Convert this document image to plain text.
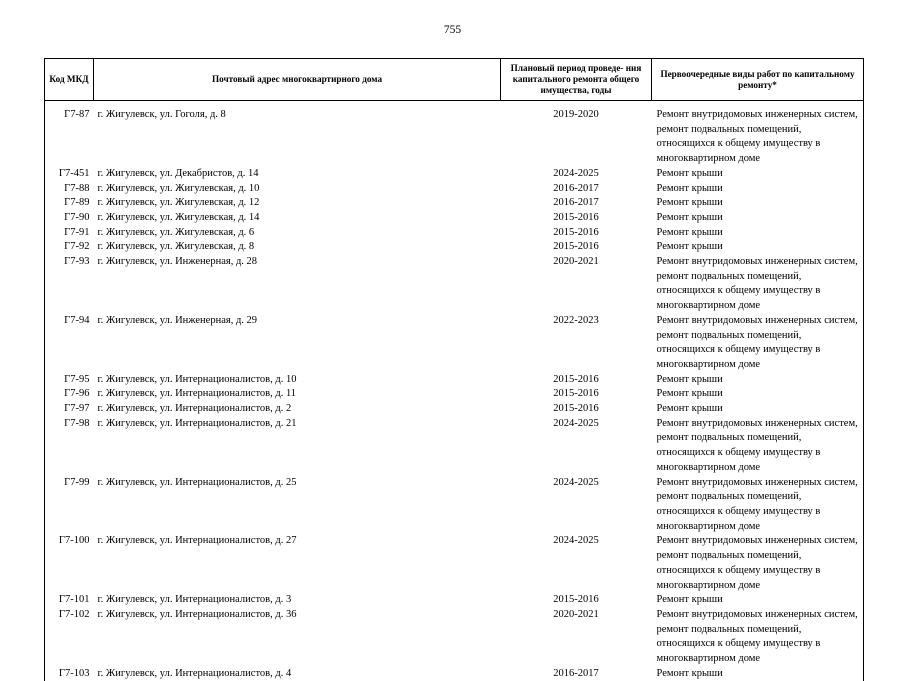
755
Код МКД	Почтовый адрес многоквартирного дома	Плановый период проведе- ния капитального ремонта общего имущества, годы	Первоочередные виды работ по капитальному ремонту*

Г7-87	г. Жигулевск, ул. Гоголя, д. 8	2019-2020	Ремонт внутридомовых инженерных систем, ремонт подвальных помещений, относящихся к общему имуществу в многоквартирном доме
Г7-451	г. Жигулевск, ул. Декабристов, д. 14	2024-2025	Ремонт крыши
Г7-88	г. Жигулевск, ул. Жигулевская, д. 10	2016-2017	Ремонт крыши
Г7-89	г. Жигулевск, ул. Жигулевская, д. 12	2016-2017	Ремонт крыши
Г7-90	г. Жигулевск, ул. Жигулевская, д. 14	2015-2016	Ремонт крыши
Г7-91	г. Жигулевск, ул. Жигулевская, д. 6	2015-2016	Ремонт крыши
Г7-92	г. Жигулевск, ул. Жигулевская, д. 8	2015-2016	Ремонт крыши
Г7-93	г. Жигулевск, ул. Инженерная, д. 28	2020-2021	Ремонт внутридомовых инженерных систем, ремонт подвальных помещений, относящихся к общему имуществу в многоквартирном доме
Г7-94	г. Жигулевск, ул. Инженерная, д. 29	2022-2023	Ремонт внутридомовых инженерных систем, ремонт подвальных помещений, относящихся к общему имуществу в многоквартирном доме
Г7-95	г. Жигулевск, ул. Интернационалистов, д. 10	2015-2016	Ремонт крыши
Г7-96	г. Жигулевск, ул. Интернационалистов, д. 11	2015-2016	Ремонт крыши
Г7-97	г. Жигулевск, ул. Интернационалистов, д. 2	2015-2016	Ремонт крыши
Г7-98	г. Жигулевск, ул. Интернационалистов, д. 21	2024-2025	Ремонт внутридомовых инженерных систем, ремонт подвальных помещений, относящихся к общему имуществу в многоквартирном доме
Г7-99	г. Жигулевск, ул. Интернационалистов, д. 25	2024-2025	Ремонт внутридомовых инженерных систем, ремонт подвальных помещений, относящихся к общему имуществу в многоквартирном доме
Г7-100	г. Жигулевск, ул. Интернационалистов, д. 27	2024-2025	Ремонт внутридомовых инженерных систем, ремонт подвальных помещений, относящихся к общему имуществу в многоквартирном доме
Г7-101	г. Жигулевск, ул. Интернационалистов, д. 3	2015-2016	Ремонт крыши
Г7-102	г. Жигулевск, ул. Интернационалистов, д. 36	2020-2021	Ремонт внутридомовых инженерных систем, ремонт подвальных помещений, относящихся к общему имуществу в многоквартирном доме
Г7-103	г. Жигулевск, ул. Интернационалистов, д. 4	2016-2017	Ремонт крыши
